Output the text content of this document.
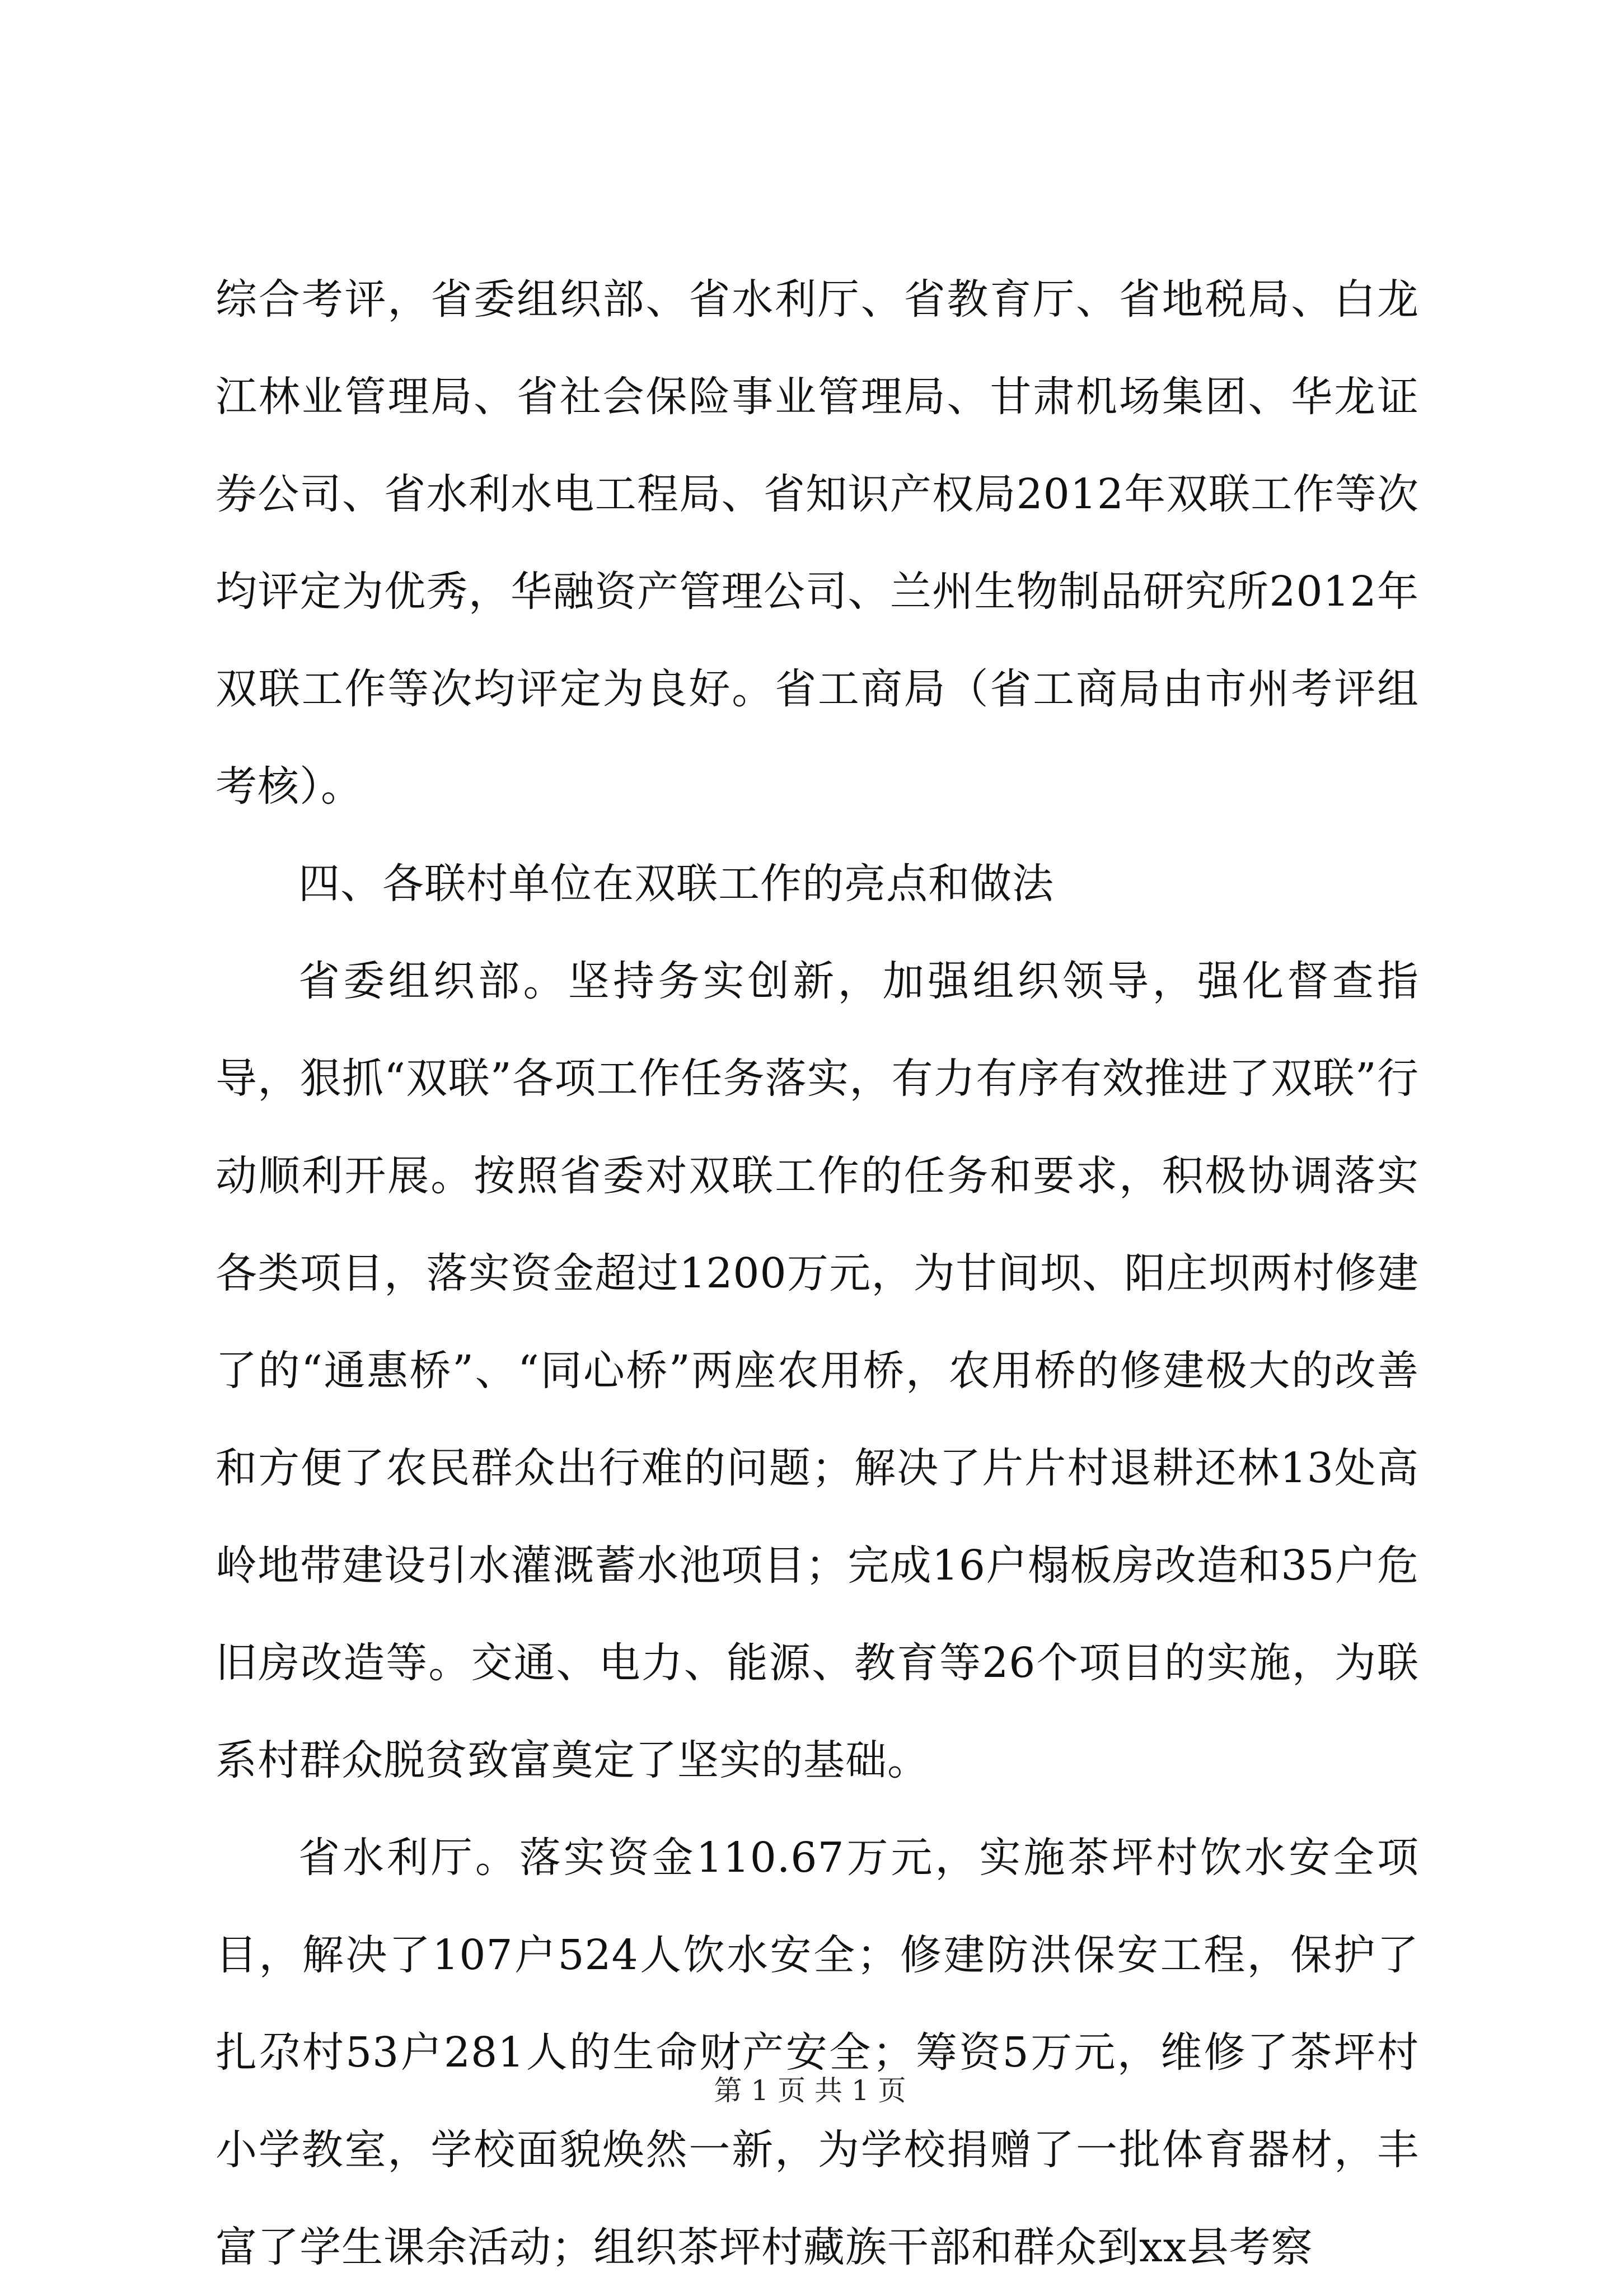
综合考评，省委组织部、省水利厅、省教育厅、省地税局、白龙江林业管理局、省社会保险事业管理局、甘肃机场集团、华龙证券公司、省水利水电工程局、省知识产权局2012年双联工作等次均评定为优秀，华融资产管理公司、兰州生物制品研究所2012年双联工作等次均评定为良好。省工商局（省工商局由市州考评组考核）。

四、各联村单位在双联工作的亮点和做法

省委组织部。坚持务实创新，加强组织领导，强化督查指导，狠抓“双联”各项工作任务落实，有力有序有效推进了双联”行动顺利开展。按照省委对双联工作的任务和要求，积极协调落实各类项目，落实资金超过1200万元，为甘间坝、阳庄坝两村修建了的“通惠桥”、“同心桥”两座农用桥，农用桥的修建极大的改善和方便了农民群众出行难的问题；解决了片片村退耕还林13处高岭地带建设引水灌溉蓄水池项目；完成16户榻板房改造和35户危旧房改造等。交通、电力、能源、教育等26个项目的实施，为联系村群众脱贫致富奠定了坚实的基础。

省水利厅。落实资金110.67万元，实施茶坪村饮水安全项目，解决了107户524人饮水安全；修建防洪保安工程，保护了扎尕村53户281人的生命财产安全；筹资5万元，维修了茶坪村小学教室，学校面貌焕然一新，为学校捐赠了一批体育器材，丰富了学生课余活动；组织茶坪村藏族干部和群众到xx县考察

第 1 页 共 1 页
